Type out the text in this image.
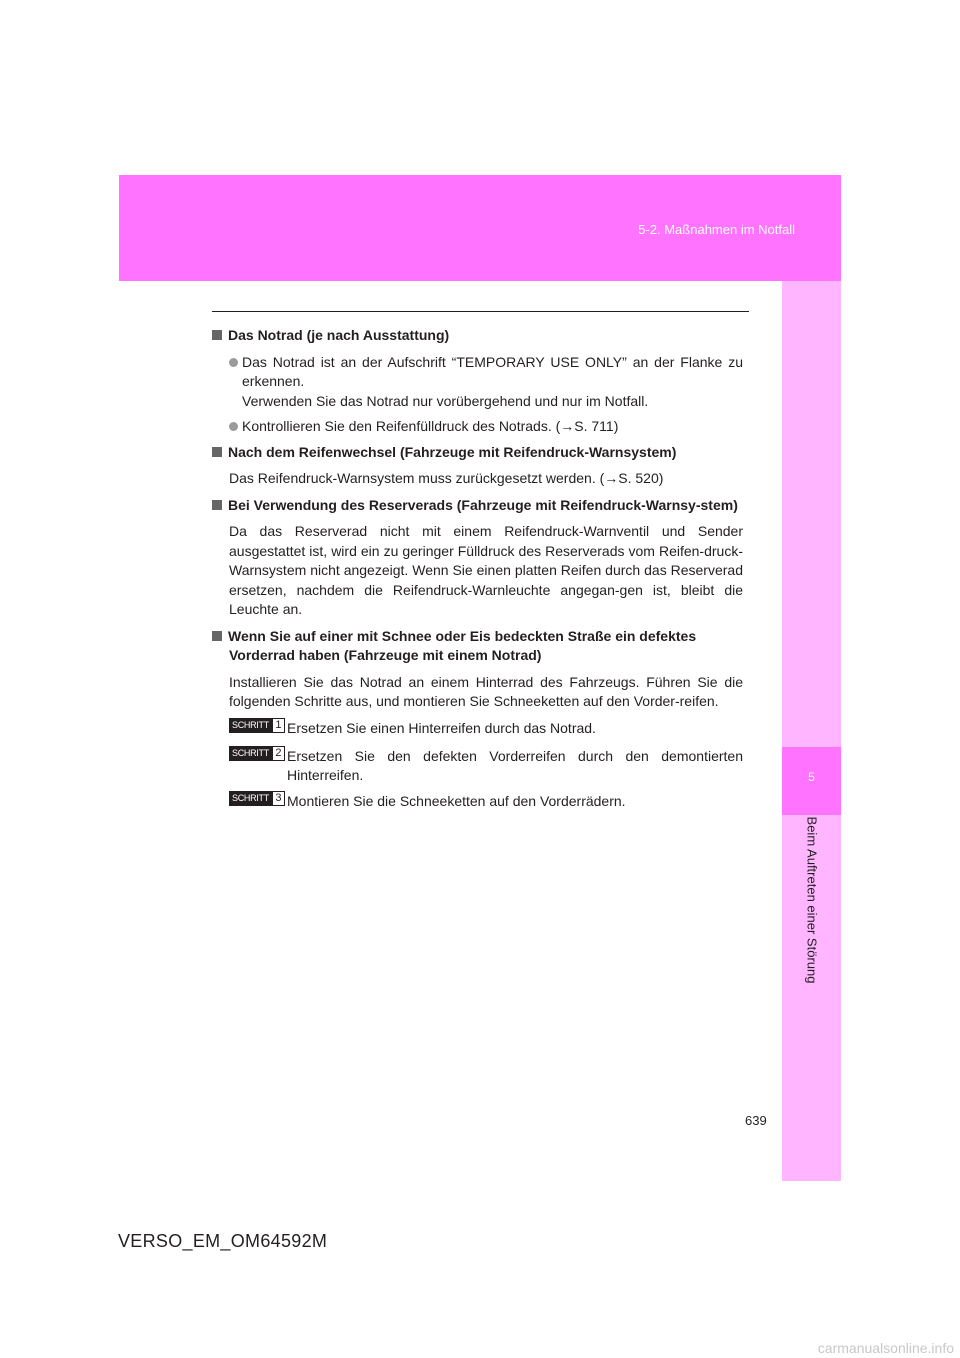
5-2. Maßnahmen im Notfall
5
Beim Auftreten einer Störung
Das Notrad (je nach Ausstattung)
Das Notrad ist an der Aufschrift “TEMPORARY USE ONLY” an der Flanke zu erkennen.
Verwenden Sie das Notrad nur vorübergehend und nur im Notfall.
Kontrollieren Sie den Reifenfülldruck des Notrads. (→S. 711)
Nach dem Reifenwechsel (Fahrzeuge mit Reifendruck-Warnsystem)
Das Reifendruck-Warnsystem muss zurückgesetzt werden. (→S. 520)
Bei Verwendung des Reserverads (Fahrzeuge mit Reifendruck-Warnsy-stem)
Da das Reserverad nicht mit einem Reifendruck-Warnventil und Sender ausgestattet ist, wird ein zu geringer Fülldruck des Reserverads vom Reifen-druck-Warnsystem nicht angezeigt. Wenn Sie einen platten Reifen durch das Reserverad ersetzen, nachdem die Reifendruck-Warnleuchte angegan-gen ist, bleibt die Leuchte an.
Wenn Sie auf einer mit Schnee oder Eis bedeckten Straße ein defektes Vorderrad haben (Fahrzeuge mit einem Notrad)
Installieren Sie das Notrad an einem Hinterrad des Fahrzeugs. Führen Sie die folgenden Schritte aus, und montieren Sie Schneeketten auf den Vorder-reifen.
SCHRITT 1 Ersetzen Sie einen Hinterreifen durch das Notrad.
SCHRITT 2 Ersetzen Sie den defekten Vorderreifen durch den demontierten Hinterreifen.
SCHRITT 3 Montieren Sie die Schneeketten auf den Vorderrädern.
639
VERSO_EM_OM64592M
carmanualsonline.info
